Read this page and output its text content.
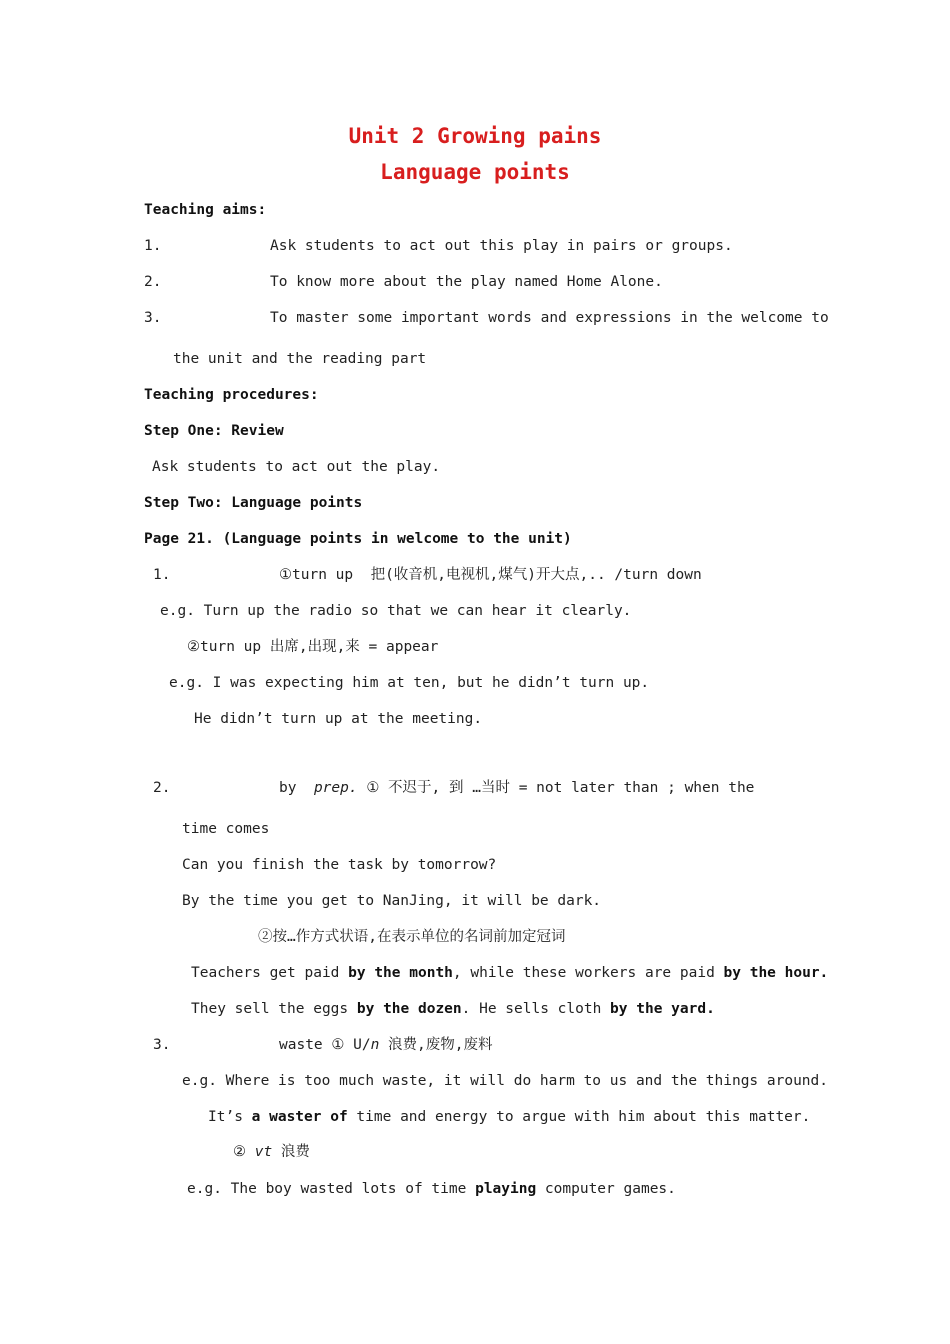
Unit 2 Growing pains
Language points
Teaching aims:
1.	Ask students to act out this play in pairs or groups.
2.	To know more about the play named Home Alone.
3.	To master some important words and expressions in the welcome to
the unit and the reading part
Teaching procedures:
Step One: Review
Ask students to act out the play.
Step Two: Language points
Page 21. (Language points in welcome to the unit)
1.	①turn up  把(收音机,电视机,煤气)开大点,.. /turn down
e.g. Turn up the radio so that we can hear it clearly.
②turn up 出席,出现,来 = appear
e.g. I was expecting him at ten, but he didn’t turn up.
He didn’t turn up at the meeting.
2.	by prep. ① 不迟于, 到 …当时 = not later than ; when the
time comes
Can you finish the task by tomorrow?
By the time you get to NanJing, it will be dark.
②按…作方式状语,在表示单位的名词前加定冠词
Teachers get paid by the month, while these workers are paid by the hour.
They sell the eggs by the dozen. He sells cloth by the yard.
3.	waste ① U/n 浪费,废物,废料
e.g. Where is too much waste, it will do harm to us and the things around.
It’s a waster of time and energy to argue with him about this matter.
② vt 浪费
e.g. The boy wasted lots of time playing computer games.
